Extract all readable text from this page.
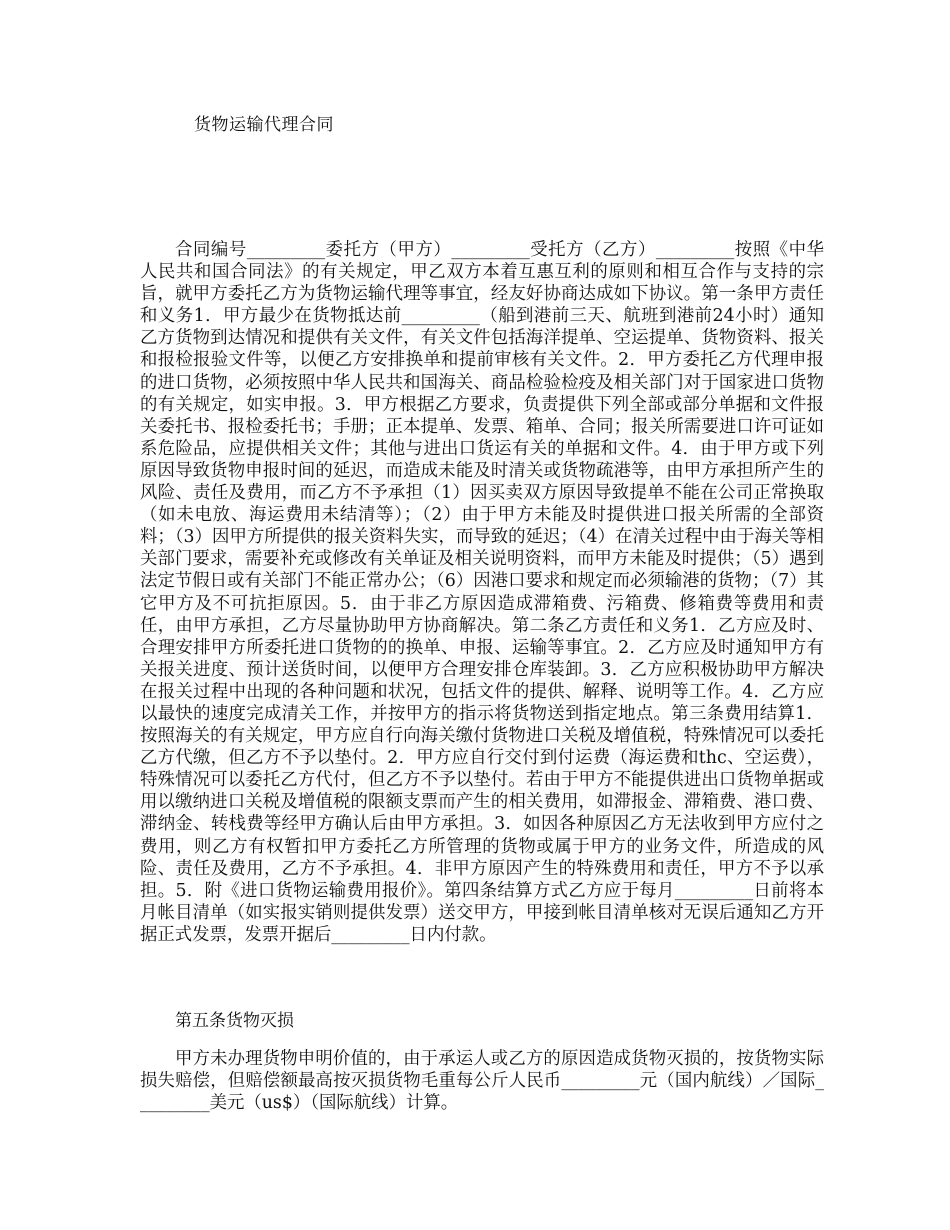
货物运输代理合同

合同编号_________委托方（甲方）_________受托方（乙方）_________按照《中华人民共和国合同法》的有关规定，甲乙双方本着互惠互利的原则和相互合作与支持的宗旨，就甲方委托乙方为货物运输代理等事宜，经友好协商达成如下协议。第一条甲方责任和义务1．甲方最少在货物抵达前_________（船到港前三天、航班到港前24小时）通知乙方货物到达情况和提供有关文件，有关文件包括海洋提单、空运提单、货物资料、报关和报检报验文件等，以便乙方安排换单和提前审核有关文件。2．甲方委托乙方代理申报的进口货物，必须按照中华人民共和国海关、商品检验检疫及相关部门对于国家进口货物的有关规定，如实申报。3．甲方根据乙方要求，负责提供下列全部或部分单据和文件报关委托书、报检委托书；手册；正本提单、发票、箱单、合同；报关所需要进口许可证如系危险品，应提供相关文件；其他与进出口货运有关的单据和文件。4．由于甲方或下列原因导致货物申报时间的延迟，而造成未能及时清关或货物疏港等，由甲方承担所产生的风险、责任及费用，而乙方不予承担（1）因买卖双方原因导致提单不能在公司正常换取（如未电放、海运费用未结清等）；（2）由于甲方未能及时提供进口报关所需的全部资料；（3）因甲方所提供的报关资料失实，而导致的延迟；（4）在清关过程中由于海关等相关部门要求，需要补充或修改有关单证及相关说明资料，而甲方未能及时提供；（5）遇到法定节假日或有关部门不能正常办公；（6）因港口要求和规定而必须输港的货物；（7）其它甲方及不可抗拒原因。5．由于非乙方原因造成滞箱费、污箱费、修箱费等费用和责任，由甲方承担，乙方尽量协助甲方协商解决。第二条乙方责任和义务1．乙方应及时、合理安排甲方所委托进口货物的的换单、申报、运输等事宜。2．乙方应及时通知甲方有关报关进度、预计送货时间，以便甲方合理安排仓库装卸。3．乙方应积极协助甲方解决在报关过程中出现的各种问题和状况，包括文件的提供、解释、说明等工作。4．乙方应以最快的速度完成清关工作，并按甲方的指示将货物送到指定地点。第三条费用结算1．按照海关的有关规定，甲方应自行向海关缴付货物进口关税及增值税，特殊情况可以委托乙方代缴，但乙方不予以垫付。2．甲方应自行交付到付运费（海运费和thc、空运费），特殊情况可以委托乙方代付，但乙方不予以垫付。若由于甲方不能提供进出口货物单据或用以缴纳进口关税及增值税的限额支票而产生的相关费用，如滞报金、滞箱费、港口费、滞纳金、转栈费等经甲方确认后由甲方承担。3．如因各种原因乙方无法收到甲方应付之费用，则乙方有权暂扣甲方委托乙方所管理的货物或属于甲方的业务文件，所造成的风险、责任及费用，乙方不予承担。4．非甲方原因产生的特殊费用和责任，甲方不予以承担。5．附《进口货物运输费用报价》。第四条结算方式乙方应于每月_________日前将本月帐目清单（如实报实销则提供发票）送交甲方，甲接到帐目清单核对无误后通知乙方开据正式发票，发票开据后_________日内付款。

第五条货物灭损

甲方未办理货物申明价值的，由于承运人或乙方的原因造成货物灭损的，按货物实际损失赔偿，但赔偿额最高按灭损货物毛重每公斤人民币_________元（国内航线）／国际_________美元（us$）（国际航线）计算。
